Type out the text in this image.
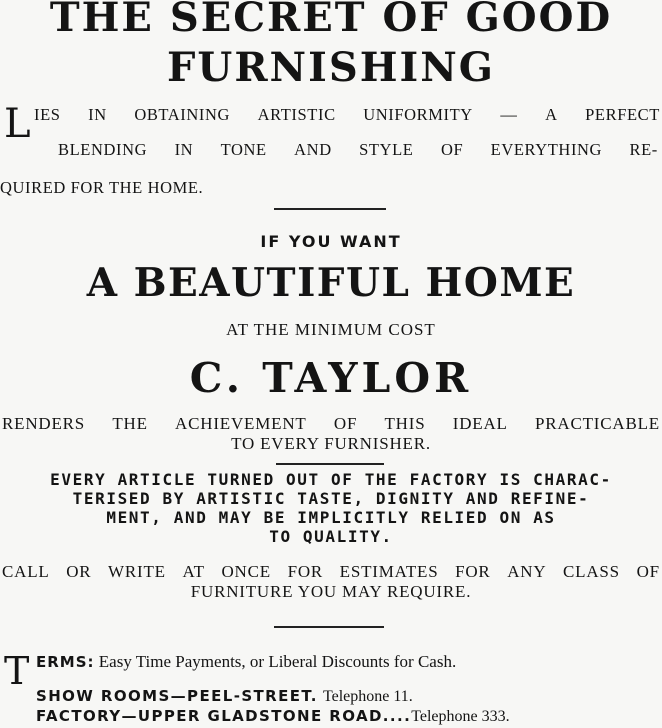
THE SECRET OF GOOD
FURNISHING
L IES IN OBTAINING ARTISTIC UNIFORMITY — A PERFECT
BLENDING IN TONE AND STYLE OF EVERYTHING RE-
QUIRED FOR THE HOME.
IF YOU WANT
A BEAUTIFUL HOME
AT THE MINIMUM COST
C. TAYLOR
RENDERS THE ACHIEVEMENT OF THIS IDEAL PRACTICABLE
TO EVERY FURNISHER.
EVERY ARTICLE TURNED OUT OF THE FACTORY IS CHARAC-
TERISED BY ARTISTIC TASTE, DIGNITY AND REFINE-
MENT, AND MAY BE IMPLICITLY RELIED ON AS
TO QUALITY.
CALL OR WRITE AT ONCE FOR ESTIMATES FOR ANY CLASS OF
FURNITURE YOU MAY REQUIRE.
T ERMS: Easy Time Payments, or Liberal Discounts for Cash.
SHOW ROOMS—PEEL-STREET. Telephone 11.
FACTORY—UPPER GLADSTONE ROAD....Telephone 333.
